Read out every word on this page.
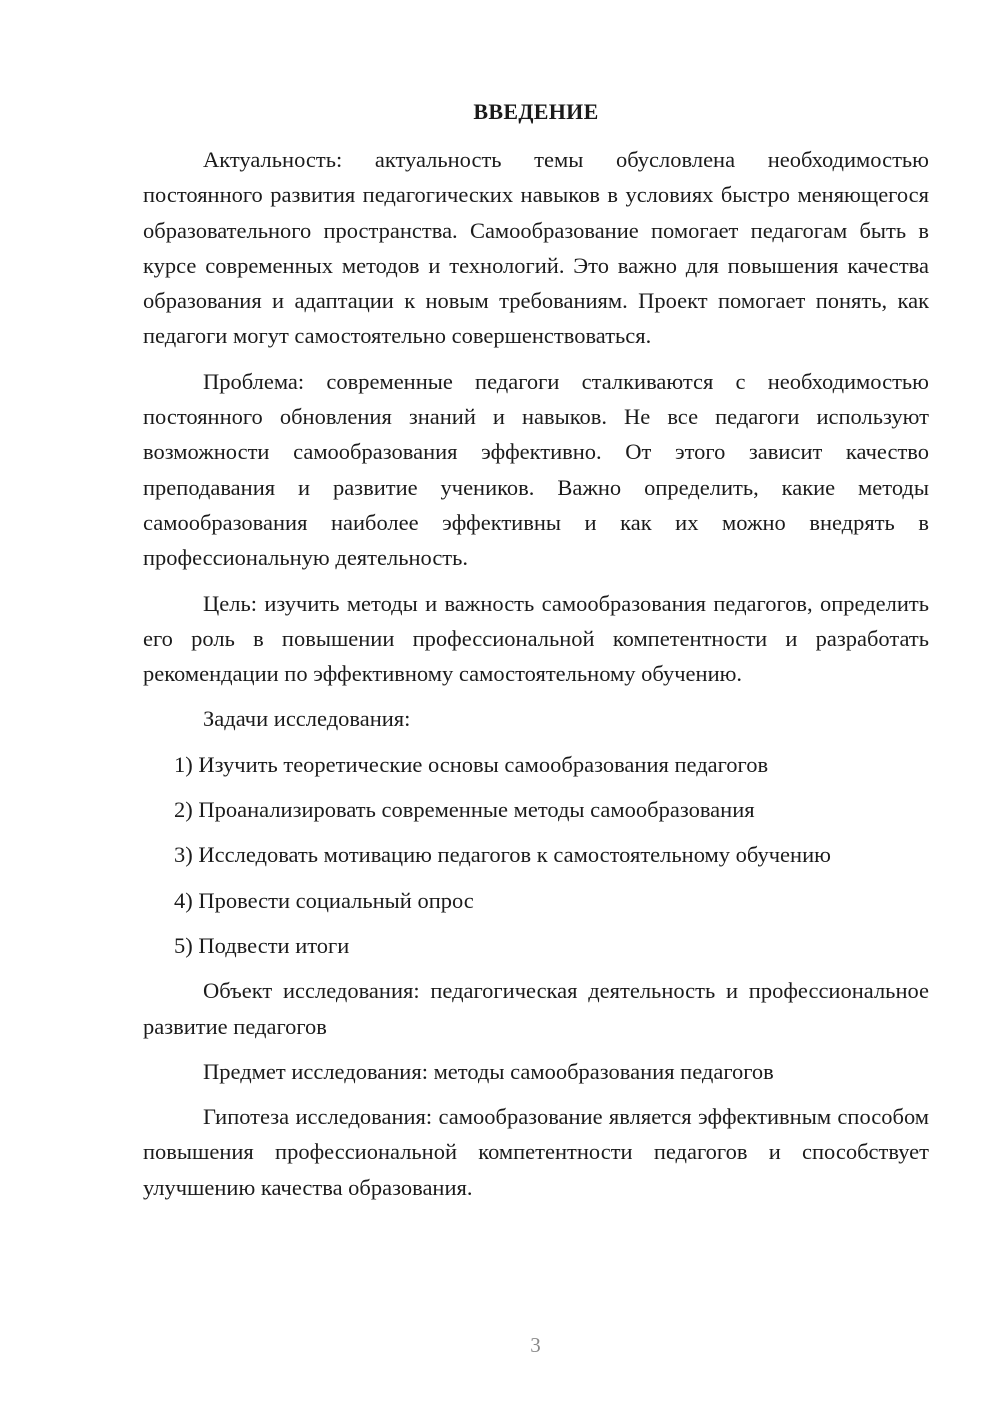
ВВЕДЕНИЕ

Актуальность: актуальность темы обусловлена необходимостью постоянного развития педагогических навыков в условиях быстро меняющегося образовательного пространства. Самообразование помогает педагогам быть в курсе современных методов и технологий. Это важно для повышения качества образования и адаптации к новым требованиям. Проект помогает понять, как педагоги могут самостоятельно совершенствоваться.

Проблема: современные педагоги сталкиваются с необходимостью постоянного обновления знаний и навыков. Не все педагоги используют возможности самообразования эффективно. От этого зависит качество преподавания и развитие учеников. Важно определить, какие методы самообразования наиболее эффективны и как их можно внедрять в профессиональную деятельность.

Цель: изучить методы и важность самообразования педагогов, определить его роль в повышении профессиональной компетентности и разработать рекомендации по эффективному самостоятельному обучению.

Задачи исследования:

1) Изучить теоретические основы самообразования педагогов
2) Проанализировать современные методы самообразования
3) Исследовать мотивацию педагогов к самостоятельному обучению
4) Провести социальный опрос
5) Подвести итоги

Объект исследования: педагогическая деятельность и профессиональное развитие педагогов

Предмет исследования: методы самообразования педагогов

Гипотеза исследования: самообразование является эффективным способом повышения профессиональной компетентности педагогов и способствует улучшению качества образования.

3
